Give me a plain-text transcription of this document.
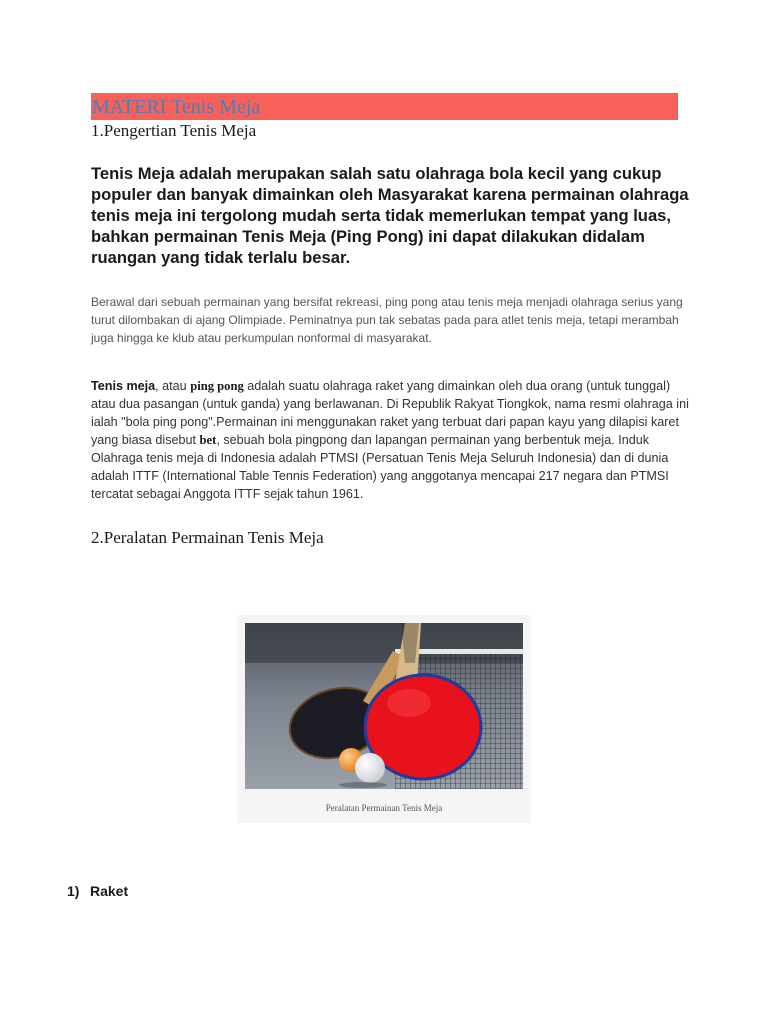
MATERI Tenis Meja
1.Pengertian Tenis Meja
Tenis Meja adalah merupakan salah satu olahraga bola kecil yang cukup populer dan banyak dimainkan oleh Masyarakat karena permainan olahraga tenis meja ini tergolong mudah serta tidak memerlukan tempat yang luas, bahkan permainan Tenis Meja (Ping Pong) ini dapat dilakukan didalam ruangan yang tidak terlalu besar.
Berawal dari sebuah permainan yang bersifat rekreasi, ping pong atau tenis meja menjadi olahraga serius yang turut dilombakan di ajang Olimpiade. Peminatnya pun tak sebatas pada para atlet tenis meja, tetapi merambah juga hingga ke klub atau perkumpulan nonformal di masyarakat.
Tenis meja, atau ping pong adalah suatu olahraga raket yang dimainkan oleh dua orang (untuk tunggal) atau dua pasangan (untuk ganda) yang berlawanan. Di Republik Rakyat Tiongkok, nama resmi olahraga ini ialah "bola ping pong".Permainan ini menggunakan raket yang terbuat dari papan kayu yang dilapisi karet yang biasa disebut bet, sebuah bola pingpong dan lapangan permainan yang berbentuk meja. Induk Olahraga tenis meja di Indonesia adalah PTMSI (Persatuan Tenis Meja Seluruh Indonesia) dan di dunia adalah ITTF (International Table Tennis Federation) yang anggotanya mencapai 217 negara dan PTMSI tercatat sebagai Anggota ITTF sejak tahun 1961.
2.Peralatan Permainan Tenis Meja
Peralatan Permainan Tenis Meja
1) Raket
